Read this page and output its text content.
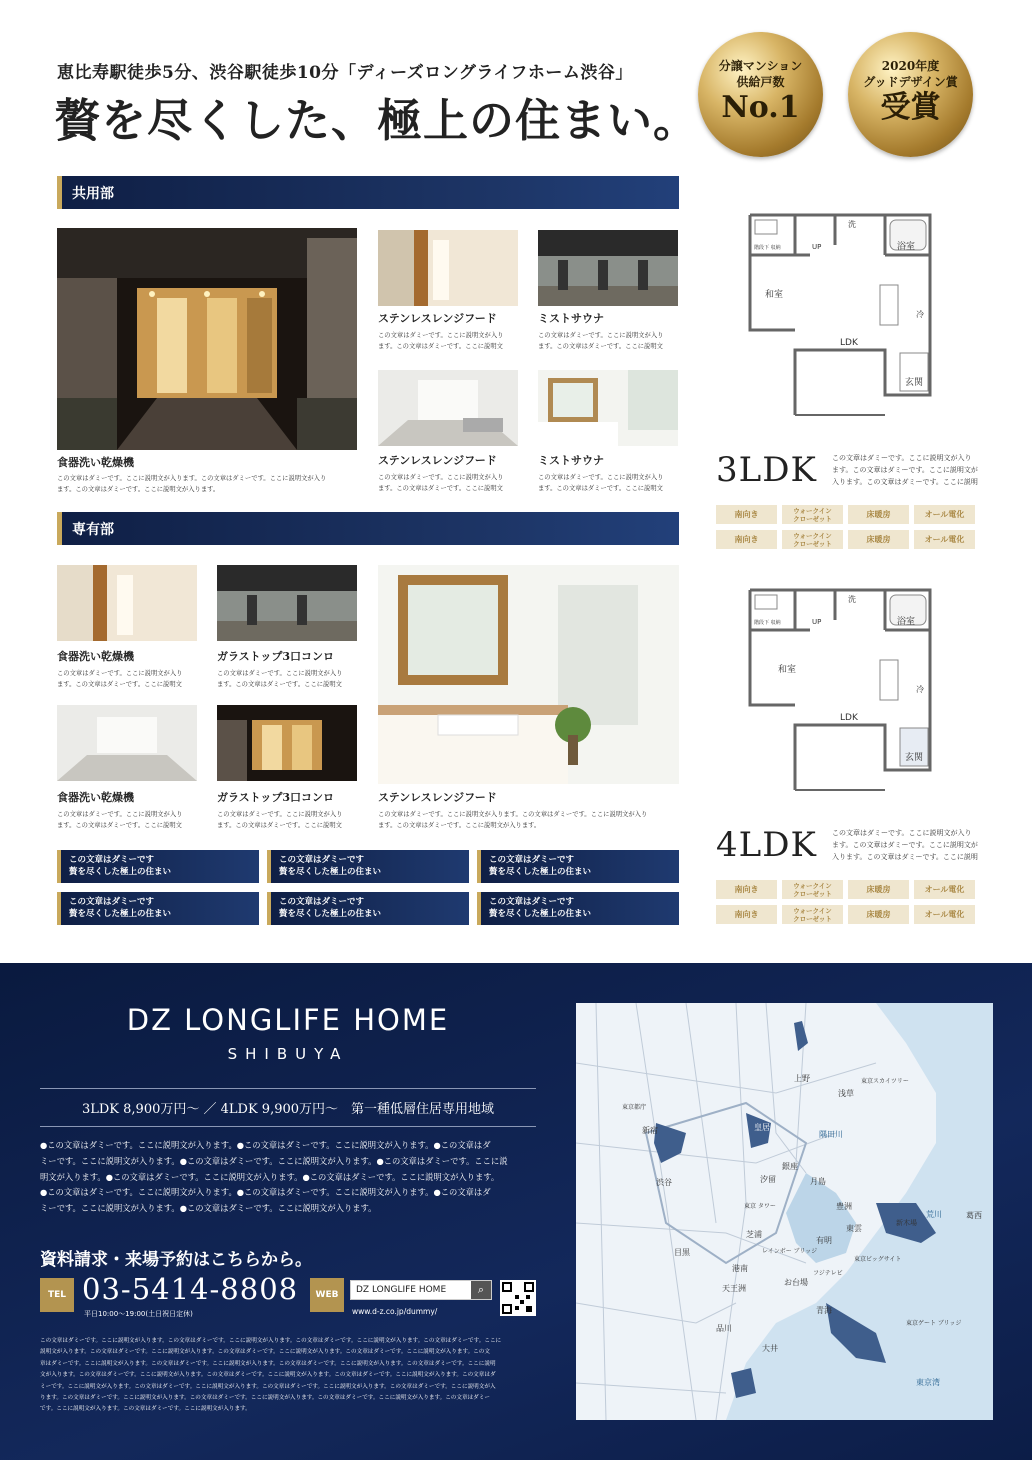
恵比寿駅徒歩5分、渋谷駅徒歩10分「ディーズロングライフホーム渋谷」
贅を尽くした、極上の住まい。
分譲マンション
供給戸数
No.1
2020年度
グッドデザイン賞
受賞
共用部
食器洗い乾燥機
この文章はダミーです。ここに説明文が入ります。この文章はダミーです。ここに説明文が入り
ます。この文章はダミーです。ここに説明文が入ります。
ステンレスレンジフード
この文章はダミーです。ここに説明文が入り
ます。この文章はダミーです。ここに説明文
ミストサウナ
この文章はダミーです。ここに説明文が入り
ます。この文章はダミーです。ここに説明文
ステンレスレンジフード
この文章はダミーです。ここに説明文が入り
ます。この文章はダミーです。ここに説明文
ミストサウナ
この文章はダミーです。ここに説明文が入り
ます。この文章はダミーです。ここに説明文
専有部
食器洗い乾燥機
この文章はダミーです。ここに説明文が入り
ます。この文章はダミーです。ここに説明文
ガラストップ3口コンロ
この文章はダミーです。ここに説明文が入り
ます。この文章はダミーです。ここに説明文
食器洗い乾燥機
この文章はダミーです。ここに説明文が入り
ます。この文章はダミーです。ここに説明文
ガラストップ3口コンロ
この文章はダミーです。ここに説明文が入り
ます。この文章はダミーです。ここに説明文
ステンレスレンジフード
この文章はダミーです。ここに説明文が入ります。この文章はダミーです。ここに説明文が入り
ます。この文章はダミーです。ここに説明文が入ります。
この文章はダミーです
贅を尽くした極上の住まい
この文章はダミーです
贅を尽くした極上の住まい
この文章はダミーです
贅を尽くした極上の住まい
この文章はダミーです
贅を尽くした極上の住まい
この文章はダミーです
贅を尽くした極上の住まい
この文章はダミーです
贅を尽くした極上の住まい
洗
浴室
階段下 収納	UP
和室
LDK
冷
玄関
3LDK この文章はダミーです。ここに説明文が入り
ます。この文章はダミーです。ここに説明文が
入ります。この文章はダミーです。ここに説明
南向き	ウォークイン
クローゼット	床暖房	オール電化
南向き	ウォークイン
クローゼット	床暖房	オール電化
洗
浴室
階段下 収納	UP
和室
LDK
冷
玄関
4LDK この文章はダミーです。ここに説明文が入り
ます。この文章はダミーです。ここに説明文が
入ります。この文章はダミーです。ここに説明
南向き	ウォークイン
クローゼット	床暖房	オール電化
南向き	ウォークイン
クローゼット	床暖房	オール電化
DZ LONGLIFE HOME
SHIBUYA
3LDK 8,900万円〜 ／ 4LDK 9,900万円〜　第一種低層住居専用地域
●この文章はダミーです。ここに説明文が入ります。●この文章はダミーです。ここに説明文が入ります。●この文章はダ
ミーです。ここに説明文が入ります。●この文章はダミーです。ここに説明文が入ります。●この文章はダミーです。ここに説
明文が入ります。●この文章はダミーです。ここに説明文が入ります。●この文章はダミーです。ここに説明文が入ります。
●この文章はダミーです。ここに説明文が入ります。●この文章はダミーです。ここに説明文が入ります。●この文章はダ
ミーです。ここに説明文が入ります。●この文章はダミーです。ここに説明文が入ります。
資料請求・来場予約はこちらから。
TEL 03-5414-8808
平日10:00〜19:00(土日祝日定休)
WEB	DZ LONGLIFE HOME	⌕
www.d-z.co.jp/dummy/
この文章はダミーです。ここに説明文が入ります。この文章はダミーです。ここに説明文が入ります。この文章はダミーです。ここに説明文が入ります。この文章はダミーです。ここに
説明文が入ります。この文章はダミーです。ここに説明文が入ります。この文章はダミーです。ここに説明文が入ります。この文章はダミーです。ここに説明文が入ります。この文
章はダミーです。ここに説明文が入ります。この文章はダミーです。ここに説明文が入ります。この文章はダミーです。ここに説明文が入ります。この文章はダミーです。ここに説明
文が入ります。この文章はダミーです。ここに説明文が入ります。この文章はダミーです。ここに説明文が入ります。この文章はダミーです。ここに説明文が入ります。この文章はダ
ミーです。ここに説明文が入ります。この文章はダミーです。ここに説明文が入ります。この文章はダミーです。ここに説明文が入ります。この文章はダミーです。ここに説明文が入
ります。この文章はダミーです。ここに説明文が入ります。この文章はダミーです。ここに説明文が入ります。この文章はダミーです。ここに説明文が入ります。この文章はダミー
です。ここに説明文が入ります。この文章はダミーです。ここに説明文が入ります。
上野	東京スカイツリー
浅草
東京都庁
新宿	皇居
隅田川
銀座
汐留	月島
渋谷
東京 タワー	豊洲
有明
東雲
荒川
新木場
葛西
芝浦
レインボー ブリッジ
東京ビッグサイト
フジテレビ
お台場
目黒
港南
天王洲
青海
東京ゲート ブリッジ
品川
大井
東京湾
